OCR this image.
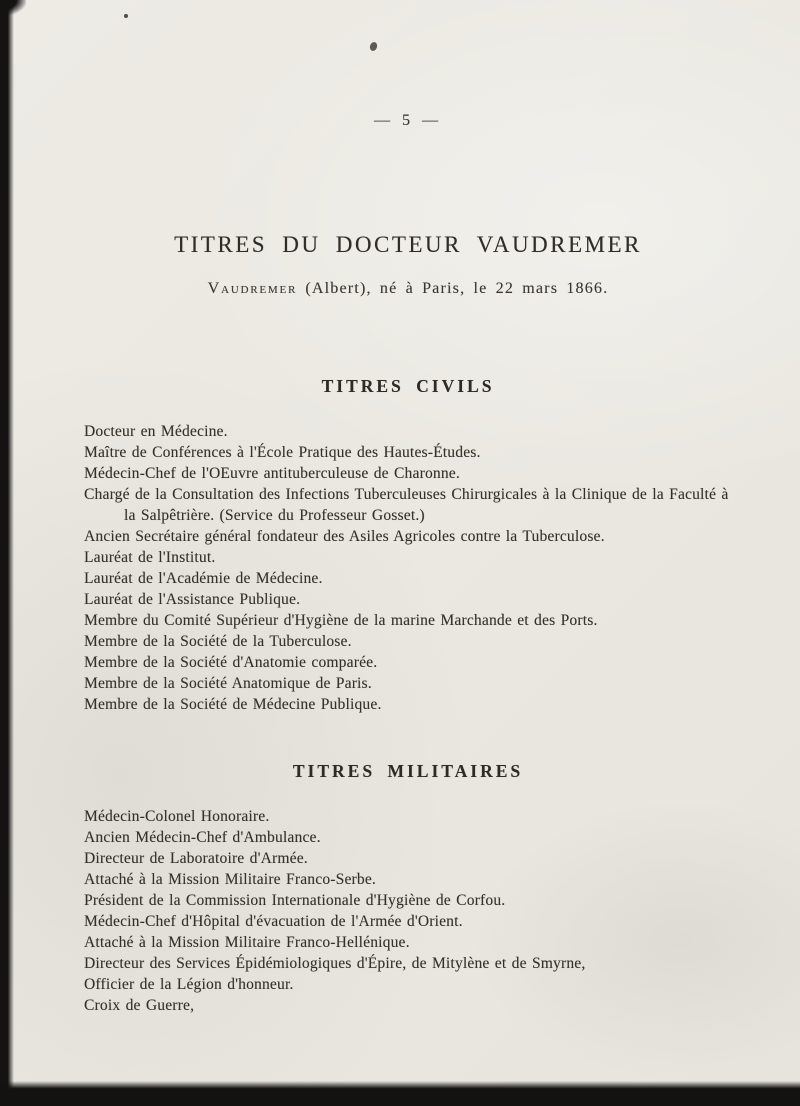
— 5 —
TITRES DU DOCTEUR VAUDREMER

Vaudremer (Albert), né à Paris, le 22 mars 1866.

TITRES CIVILS
Docteur en Médecine.
Maître de Conférences à l'École Pratique des Hautes-Études.
Médecin-Chef de l'OEuvre antituberculeuse de Charonne.
Chargé de la Consultation des Infections Tuberculeuses Chirurgicales à la Clinique de la Faculté à la Salpêtrière. (Service du Professeur Gosset.)
Ancien Secrétaire général fondateur des Asiles Agricoles contre la Tuberculose.
Lauréat de l'Institut.
Lauréat de l'Académie de Médecine.
Lauréat de l'Assistance Publique.
Membre du Comité Supérieur d'Hygiène de la marine Marchande et des Ports.
Membre de la Société de la Tuberculose.
Membre de la Société d'Anatomie comparée.
Membre de la Société Anatomique de Paris.
Membre de la Société de Médecine Publique.
TITRES MILITAIRES
Médecin-Colonel Honoraire.
Ancien Médecin-Chef d'Ambulance.
Directeur de Laboratoire d'Armée.
Attaché à la Mission Militaire Franco-Serbe.
Président de la Commission Internationale d'Hygiène de Corfou.
Médecin-Chef d'Hôpital d'évacuation de l'Armée d'Orient.
Attaché à la Mission Militaire Franco-Hellénique.
Directeur des Services Épidémiologiques d'Épire, de Mitylène et de Smyrne,
Officier de la Légion d'honneur.
Croix de Guerre,
